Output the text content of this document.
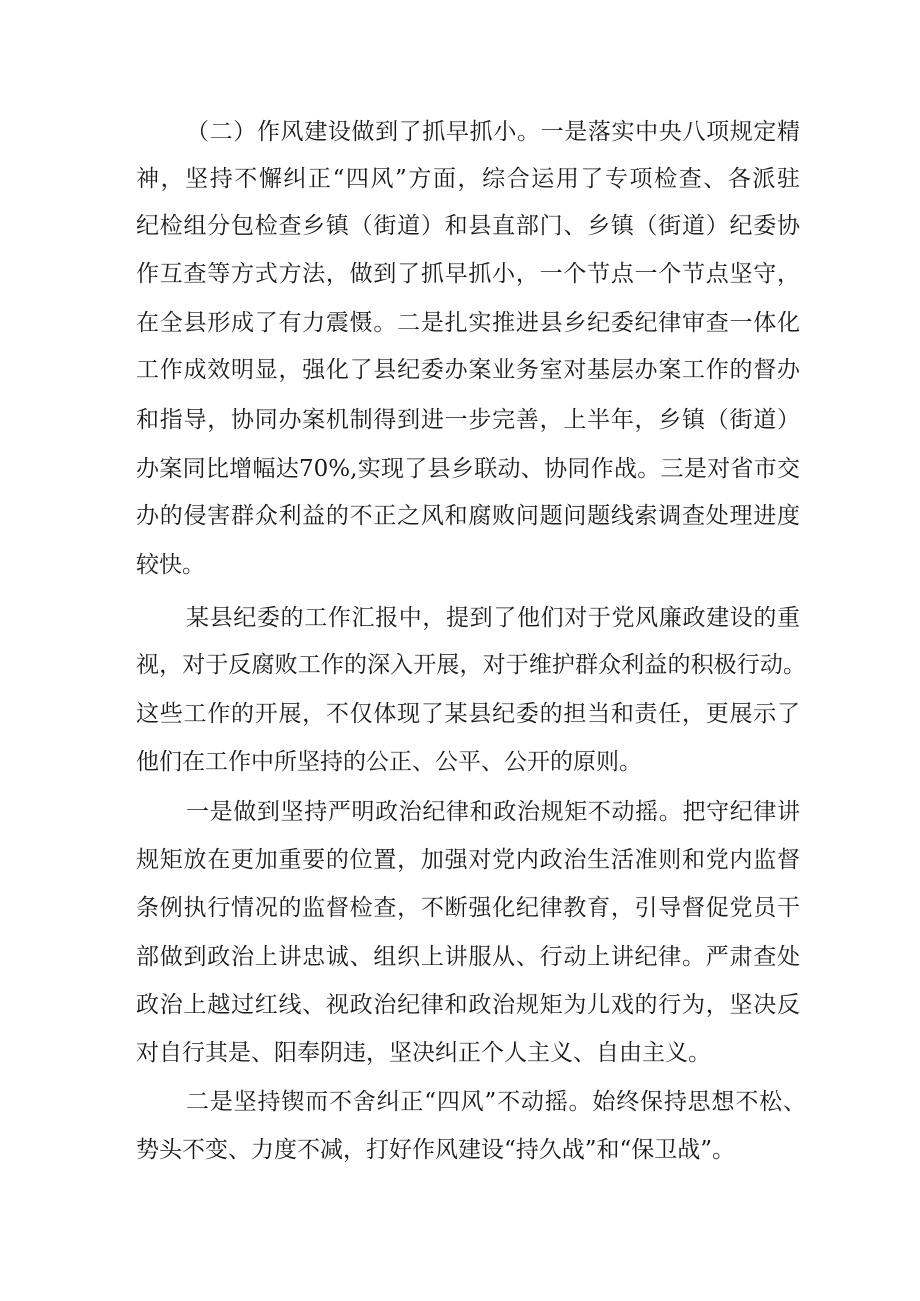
（二）作风建设做到了抓早抓小。一是落实中央八项规定精
神，坚持不懈纠正“四风”方面，综合运用了专项检查、各派驻
纪检组分包检查乡镇（街道）和县直部门、乡镇（街道）纪委协
作互查等方式方法，做到了抓早抓小，一个节点一个节点坚守，
在全县形成了有力震慑。二是扎实推进县乡纪委纪律审查一体化
工作成效明显，强化了县纪委办案业务室对基层办案工作的督办
和指导，协同办案机制得到进一步完善，上半年，乡镇（街道）
办案同比增幅达70%,实现了县乡联动、协同作战。三是对省市交
办的侵害群众利益的不正之风和腐败问题问题线索调查处理进度
较快。
某县纪委的工作汇报中，提到了他们对于党风廉政建设的重
视，对于反腐败工作的深入开展，对于维护群众利益的积极行动。
这些工作的开展，不仅体现了某县纪委的担当和责任，更展示了
他们在工作中所坚持的公正、公平、公开的原则。
一是做到坚持严明政治纪律和政治规矩不动摇。把守纪律讲
规矩放在更加重要的位置，加强对党内政治生活准则和党内监督
条例执行情况的监督检查，不断强化纪律教育，引导督促党员干
部做到政治上讲忠诚、组织上讲服从、行动上讲纪律。严肃查处
政治上越过红线、视政治纪律和政治规矩为儿戏的行为，坚决反
对自行其是、阳奉阴违，坚决纠正个人主义、自由主义。
二是坚持锲而不舍纠正“四风”不动摇。始终保持思想不松、
势头不变、力度不减，打好作风建设“持久战”和“保卫战”。
